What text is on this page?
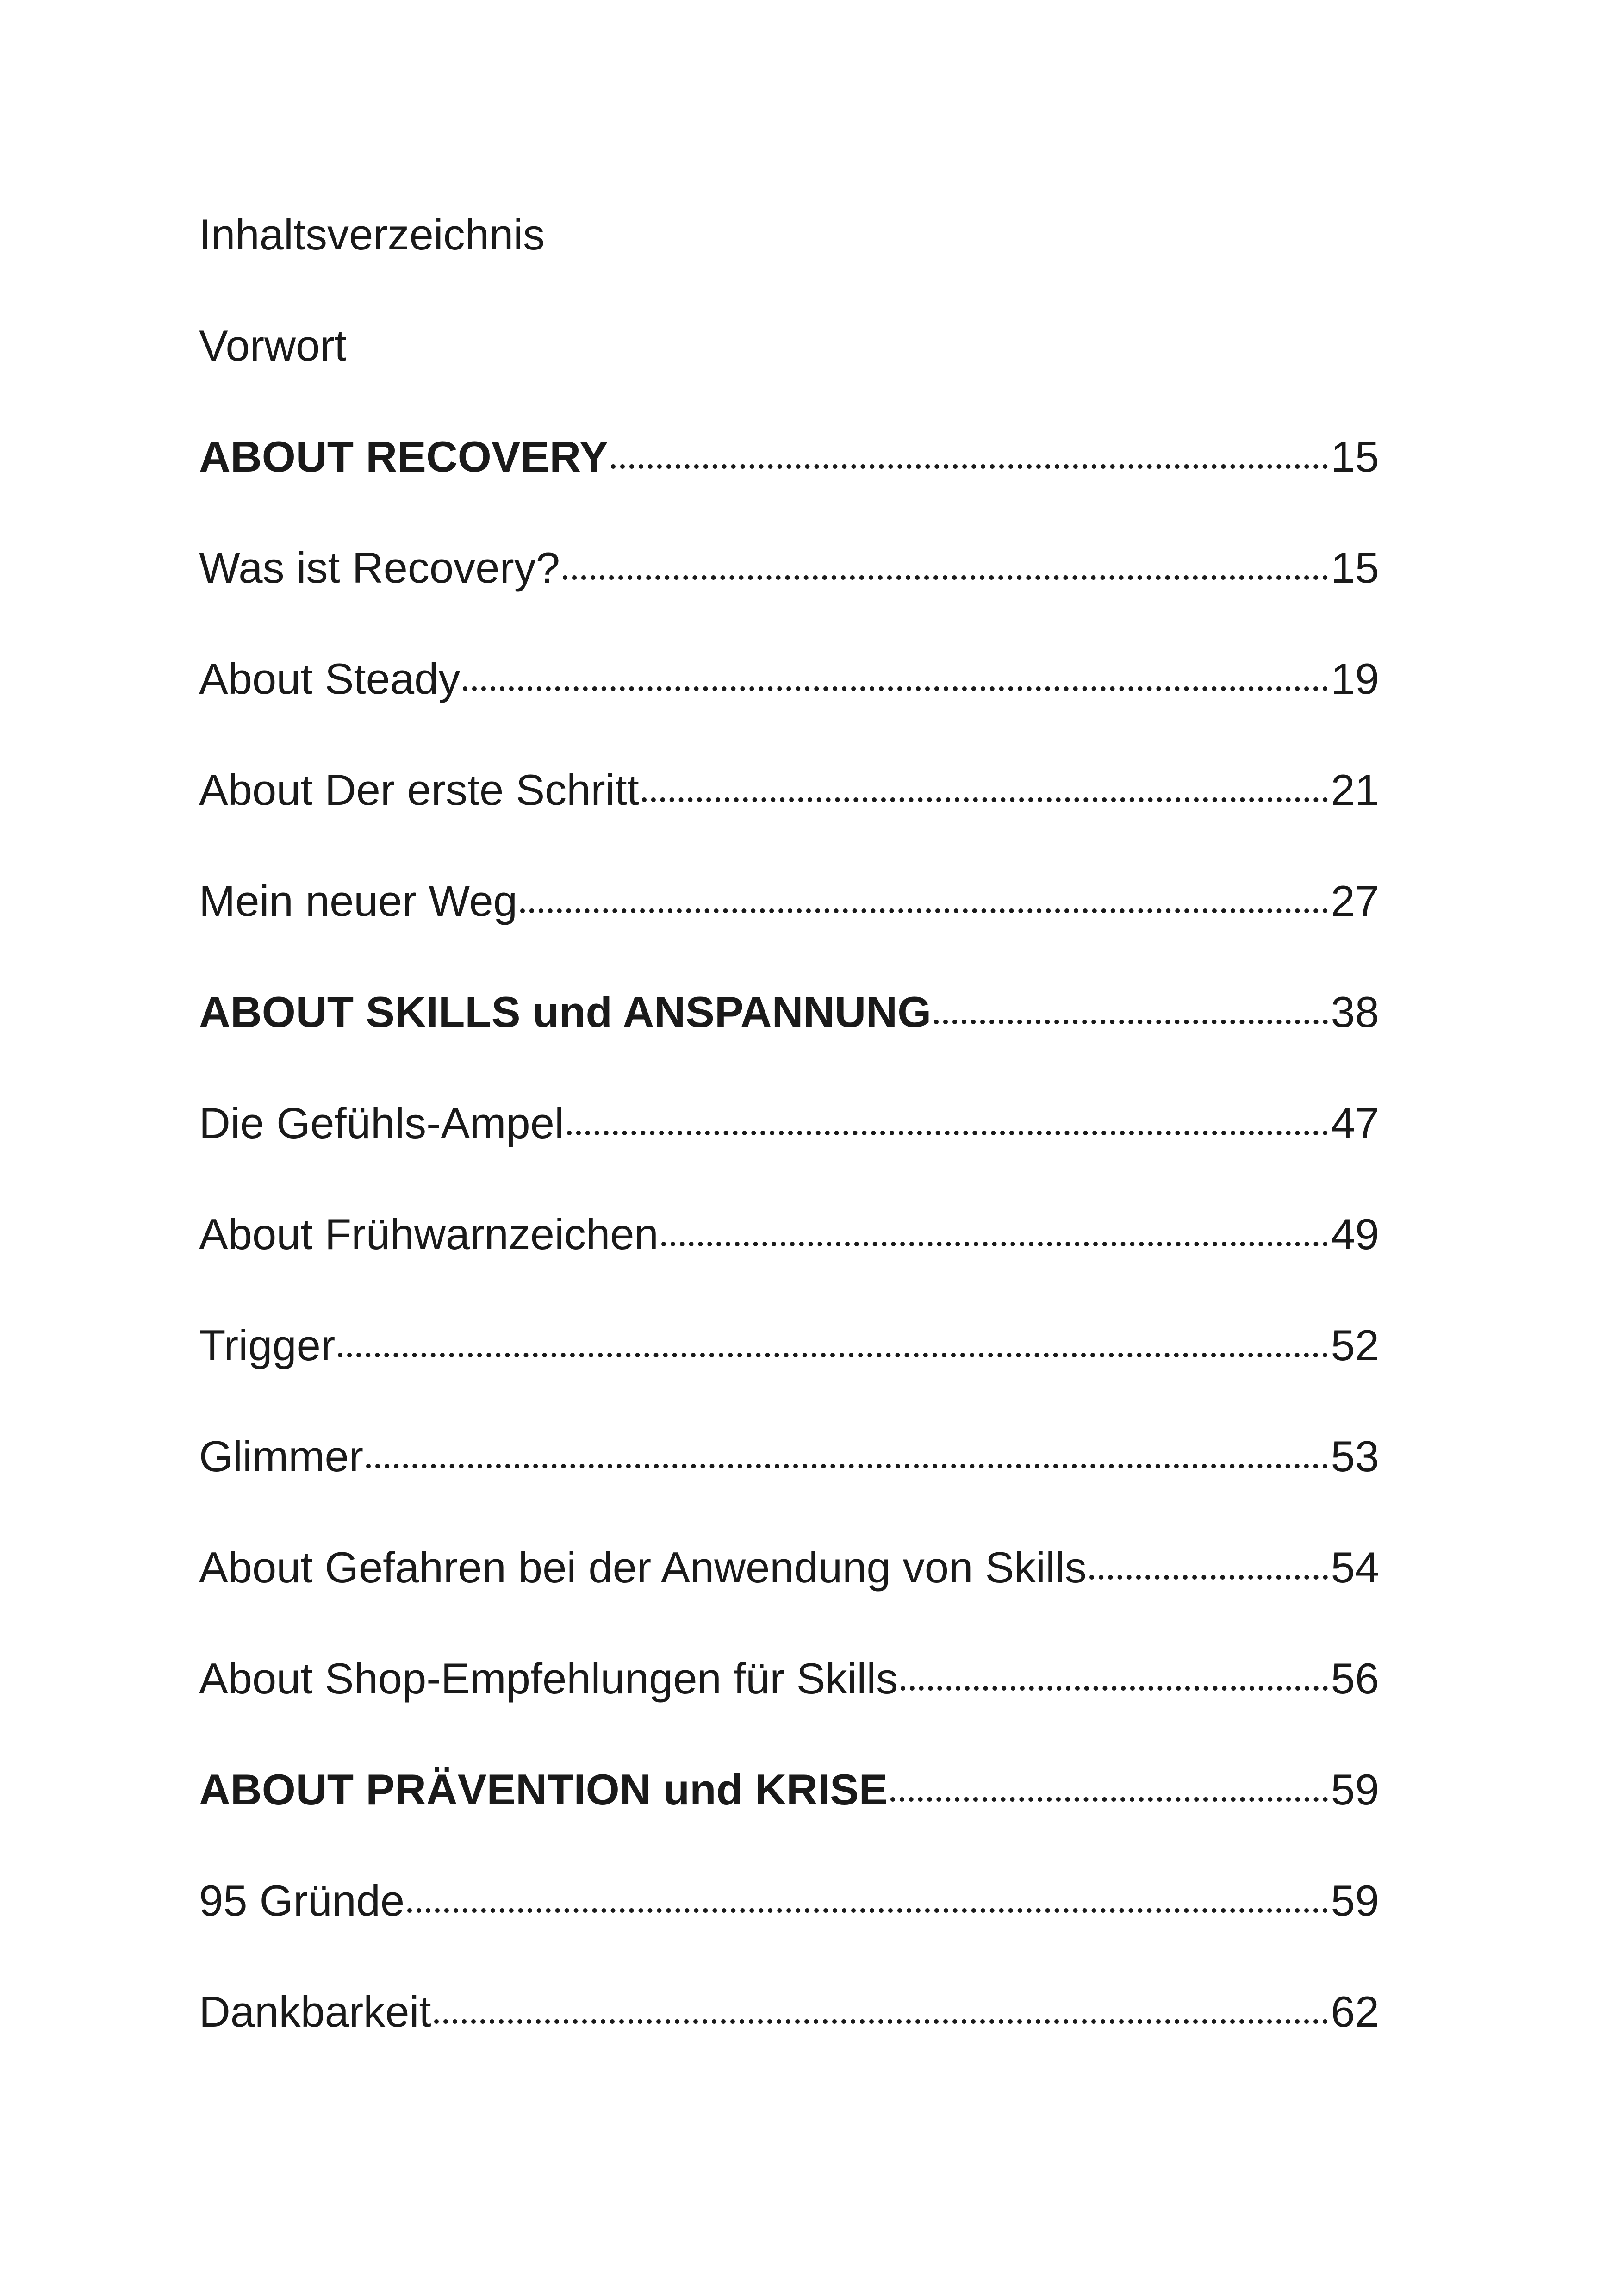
Inhaltsverzeichnis
Vorwort
ABOUT RECOVERY	15
Was ist Recovery?	15
About Steady	19
About Der erste Schritt	21
Mein neuer Weg	27
ABOUT SKILLS und ANSPANNUNG	38
Die Gefühls-Ampel	47
About Frühwarnzeichen	49
Trigger	52
Glimmer	53
About Gefahren bei der Anwendung von Skills	54
About Shop-Empfehlungen für Skills	56
ABOUT PRÄVENTION und KRISE	59
95 Gründe	59
Dankbarkeit	62
